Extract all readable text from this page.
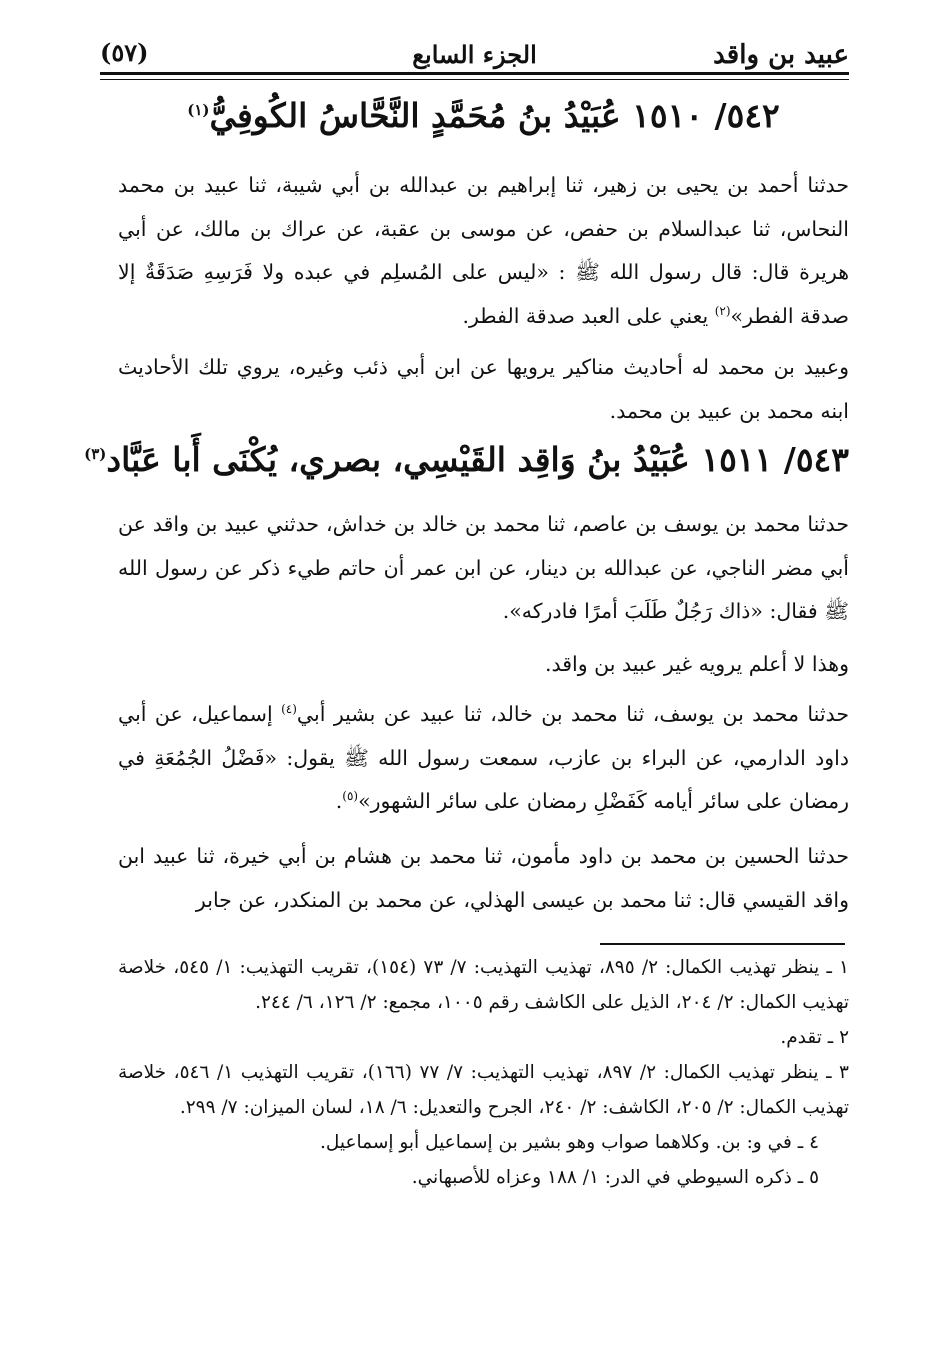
عبيد بن واقد
الجزء السابع
(٥٧)
٥٤٢/ ١٥١٠ عُبَيْدُ بنُ مُحَمَّدٍ النَّحَّاسُ الكُوفِيُّ$^{(١)}$
حدثنا أحمد بن يحيى بن زهير، ثنا إبراهيم بن عبدالله بن أبي شيبة، ثنا عبيد بن محمد النحاس، ثنا عبدالسلام بن حفص، عن موسى بن عقبة، عن عراك بن مالك، عن أبي هريرة قال: قال رسول الله ﷺ : «ليس على المُسلِم في عبده ولا فَرَسِهِ صَدَقَةٌ إلا صدقة الفطر»$^{(٢)}$ يعني على العبد صدقة الفطر.
وعبيد بن محمد له أحاديث مناكير يرويها عن ابن أبي ذئب وغيره، يروي تلك الأحاديث ابنه محمد بن عبيد بن محمد.
٥٤٣/ ١٥١١ عُبَيْدُ بنُ وَاقِد القَيْسِي، بصري، يُكْنَى أَبا عَبَّاد$^{(٣)}$
حدثنا محمد بن يوسف بن عاصم، ثنا محمد بن خالد بن خداش، حدثني عبيد بن واقد عن أبي مضر الناجي، عن عبدالله بن دينار، عن ابن عمر أن حاتم طيء ذكر عن رسول الله ﷺ فقال: «ذاك رَجُلٌ طَلَبَ أمرًا فادركه».
وهذا لا أعلم يرويه غير عبيد بن واقد.
حدثنا محمد بن يوسف، ثنا محمد بن خالد، ثنا عبيد عن بشير أبي$^{(٤)}$ إسماعيل، عن أبي داود الدارمي، عن البراء بن عازب، سمعت رسول الله ﷺ يقول: «فَضْلُ الجُمُعَةِ في رمضان على سائر أيامه كَفَضْلِ رمضان على سائر الشهور»$^{(٥)}$.
حدثنا الحسين بن محمد بن داود مأمون، ثنا محمد بن هشام بن أبي خيرة، ثنا عبيد ابن واقد القيسي قال: ثنا محمد بن عيسى الهذلي، عن محمد بن المنكدر، عن جابر
١ ـ ينظر تهذيب الكمال: ٢/ ٨٩٥، تهذيب التهذيب: ٧/ ٧٣ (١٥٤)، تقريب التهذيب: ١/ ٥٤٥، خلاصة تهذيب الكمال: ٢/ ٢٠٤، الذيل على الكاشف رقم ١٠٠٥، مجمع: ٢/ ١٢٦، ٦/ ٢٤٤.
٢ ـ تقدم.
٣ ـ ينظر تهذيب الكمال: ٢/ ٨٩٧، تهذيب التهذيب: ٧/ ٧٧ (١٦٦)، تقريب التهذيب ١/ ٥٤٦، خلاصة تهذيب الكمال: ٢/ ٢٠٥، الكاشف: ٢/ ٢٤٠، الجرح والتعديل: ٦/ ١٨، لسان الميزان: ٧/ ٢٩٩.
٤ ـ في و: بن. وكلاهما صواب وهو بشير بن إسماعيل أبو إسماعيل.
٥ ـ ذكره السيوطي في الدر: ١/ ١٨٨ وعزاه للأصبهاني.
